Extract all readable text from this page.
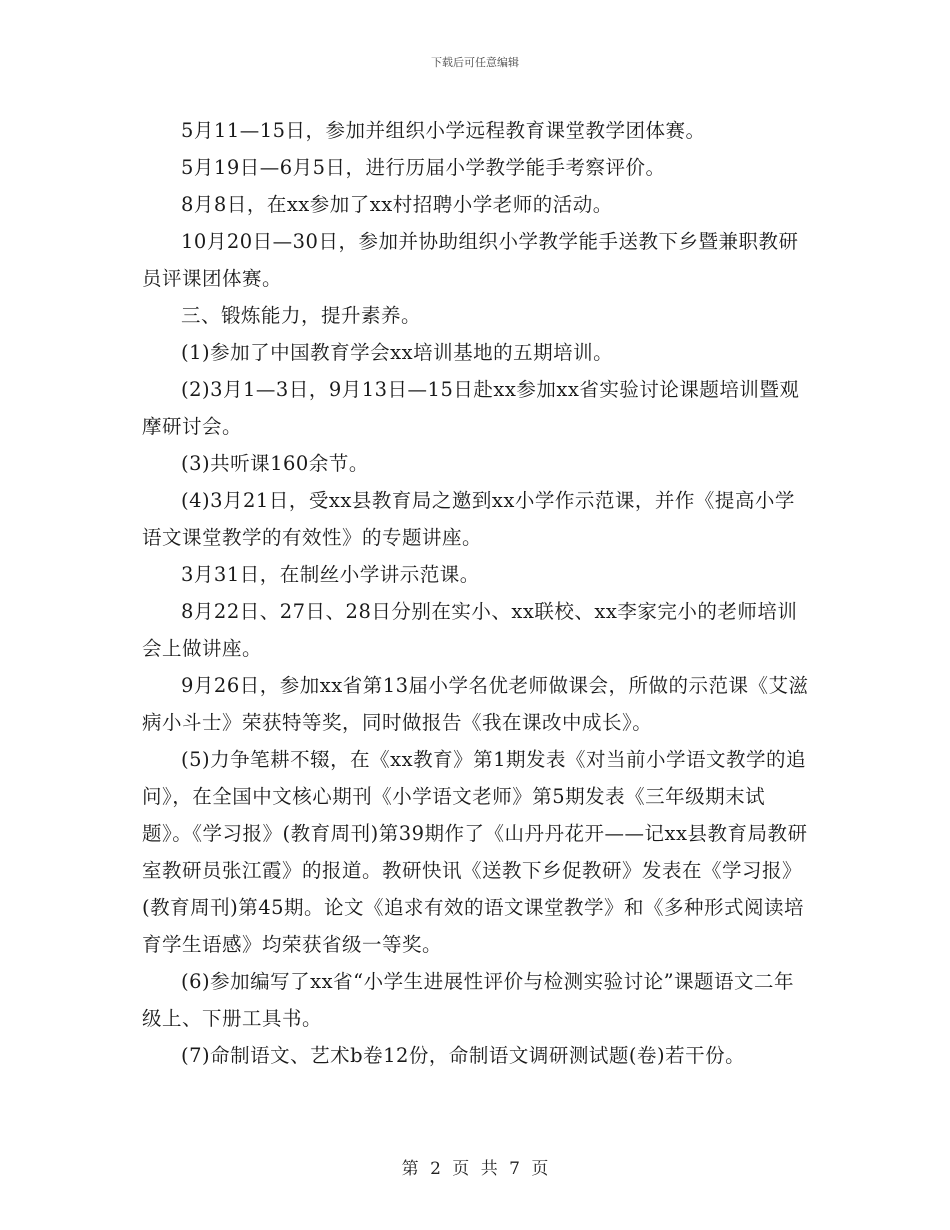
下载后可任意编辑

5月11—15日，参加并组织小学远程教育课堂教学团体赛。

5月19日—6月5日，进行历届小学教学能手考察评价。

8月8日，在xx参加了xx村招聘小学老师的活动。

10月20日—30日，参加并协助组织小学教学能手送教下乡暨兼职教研员评课团体赛。

三、锻炼能力，提升素养。

(1)参加了中国教育学会xx培训基地的五期培训。

(2)3月1—3日，9月13日—15日赴xx参加xx省实验讨论课题培训暨观摩研讨会。

(3)共听课160余节。

(4)3月21日，受xx县教育局之邀到xx小学作示范课，并作《提高小学语文课堂教学的有效性》的专题讲座。

3月31日，在制丝小学讲示范课。

8月22日、27日、28日分别在实小、xx联校、xx李家完小的老师培训会上做讲座。

9月26日，参加xx省第13届小学名优老师做课会，所做的示范课《艾滋病小斗士》荣获特等奖，同时做报告《我在课改中成长》。

(5)力争笔耕不辍，在《xx教育》第1期发表《对当前小学语文教学的追问》，在全国中文核心期刊《小学语文老师》第5期发表《三年级期末试题》。《学习报》(教育周刊)第39期作了《山丹丹花开——记xx县教育局教研室教研员张江霞》的报道。教研快讯《送教下乡促教研》发表在《学习报》(教育周刊)第45期。论文《追求有效的语文课堂教学》和《多种形式阅读培育学生语感》均荣获省级一等奖。

(6)参加编写了xx省“小学生进展性评价与检测实验讨论”课题语文二年级上、下册工具书。

(7)命制语文、艺术b卷12份，命制语文调研测试题(卷)若干份。

第 2 页 共 7 页
